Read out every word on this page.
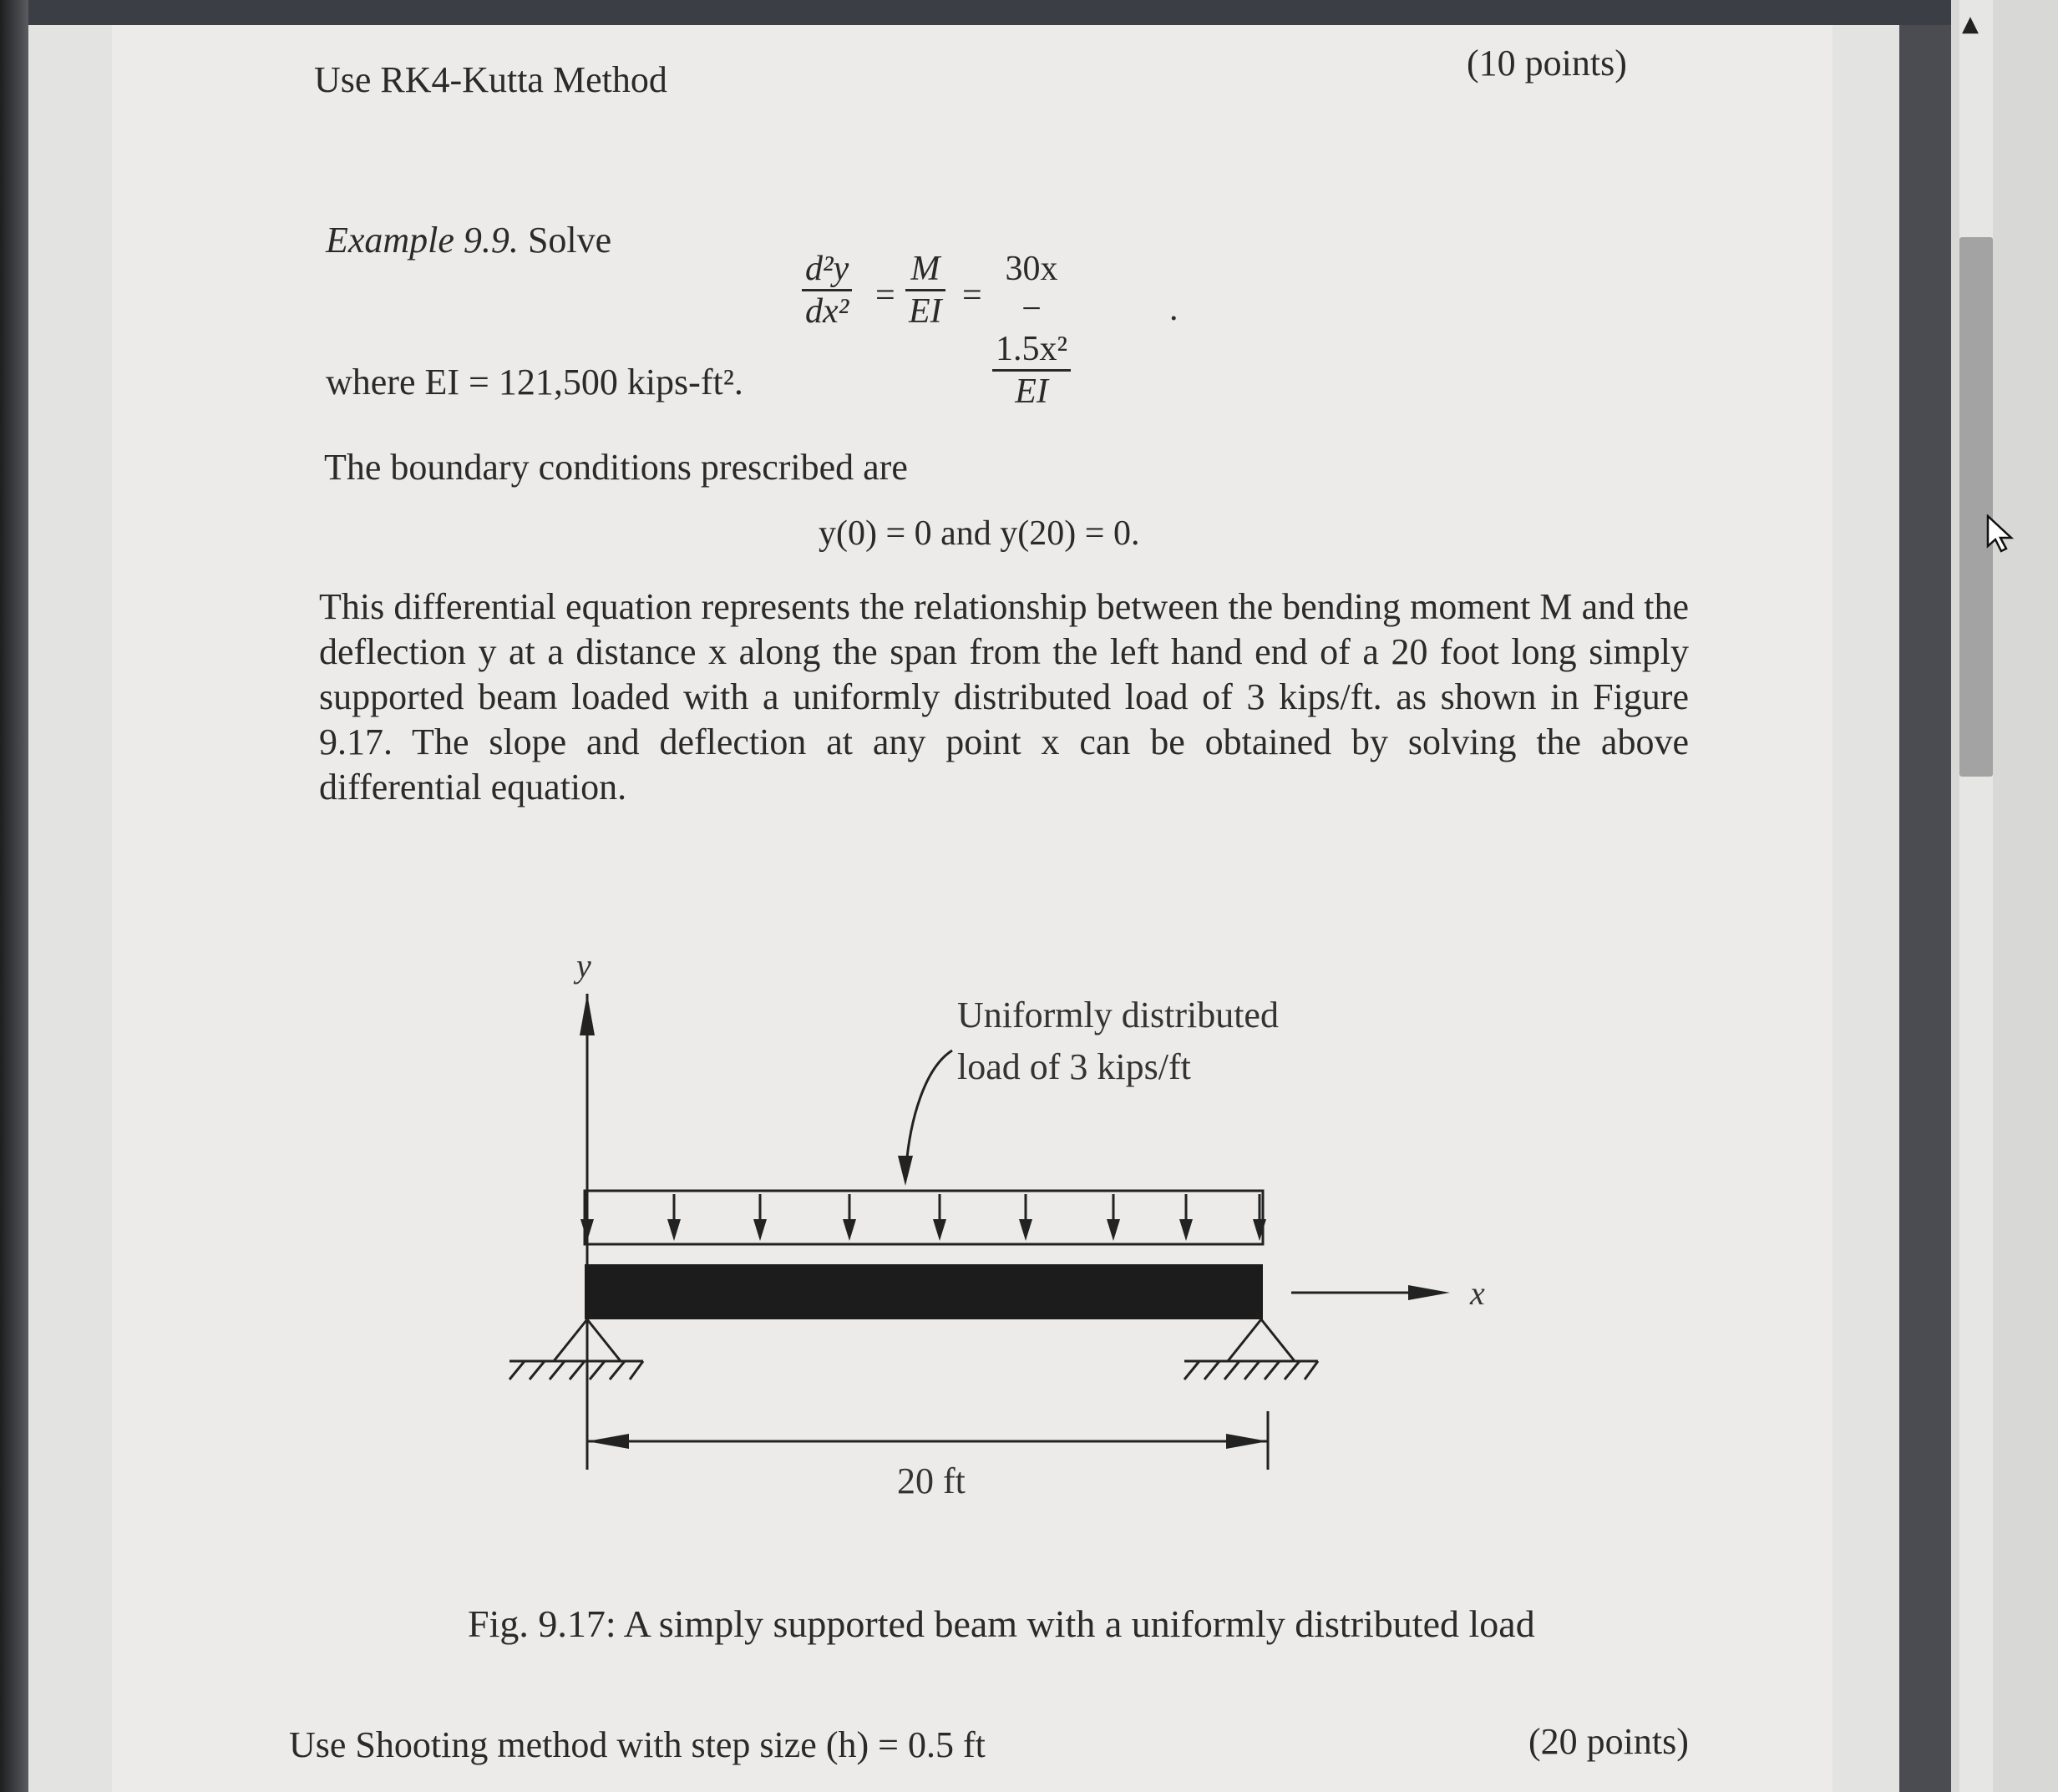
▲
Use RK4-Kutta Method	(10 points)
Example 9.9. Solve
d²y
dx² =
M
EI =
30x − 1.5x²
EI
.
where EI = 121,500 kips-ft².
The boundary conditions prescribed are
y(0) = 0 and y(20) = 0.
This differential equation represents the relationship between the bending moment M and the deflection y at a distance x along the span from the left hand end of a 20 foot long simply supported beam loaded with a uniformly distributed load of 3 kips/ft. as shown in Figure 9.17. The slope and deflection at any point x can be obtained by solving the above differential equation.
y
Uniformly distributed
load of 3 kips/ft
x
20 ft
Fig. 9.17: A simply supported beam with a uniformly distributed load
Use Shooting method with step size (h) = 0.5 ft	(20 points)
